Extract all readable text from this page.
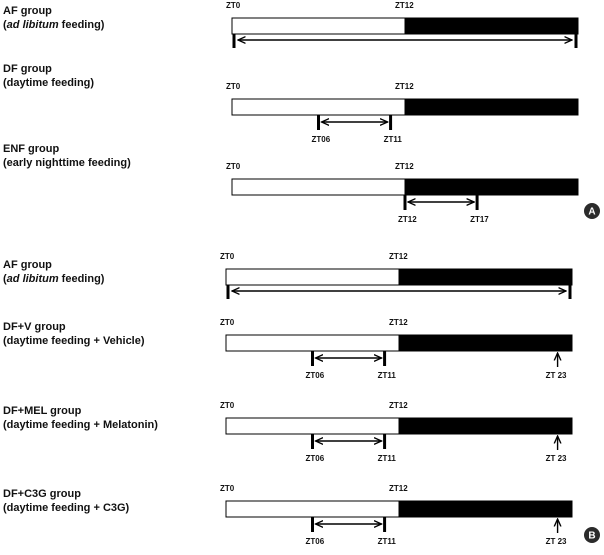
AF group
(ad libitum feeding)
ZT0	ZT12
DF group
(daytime feeding)	ZT0	ZT12
ZT06	ZT11
ENF group
(early nighttime feeding)	ZT0	ZT12
ZT12	ZT17
A
AF group
(ad libitum feeding)
ZT0	ZT12
DF+V group
(daytime feeding + Vehicle)
ZT0	ZT12
ZT06	ZT11	ZT 23
DF+MEL group
(daytime feeding + Melatonin)
ZT0	ZT12
ZT06	ZT11	ZT 23
DF+C3G group
(daytime feeding + C3G)
ZT0	ZT12
ZT06	ZT11	ZT 23 B
